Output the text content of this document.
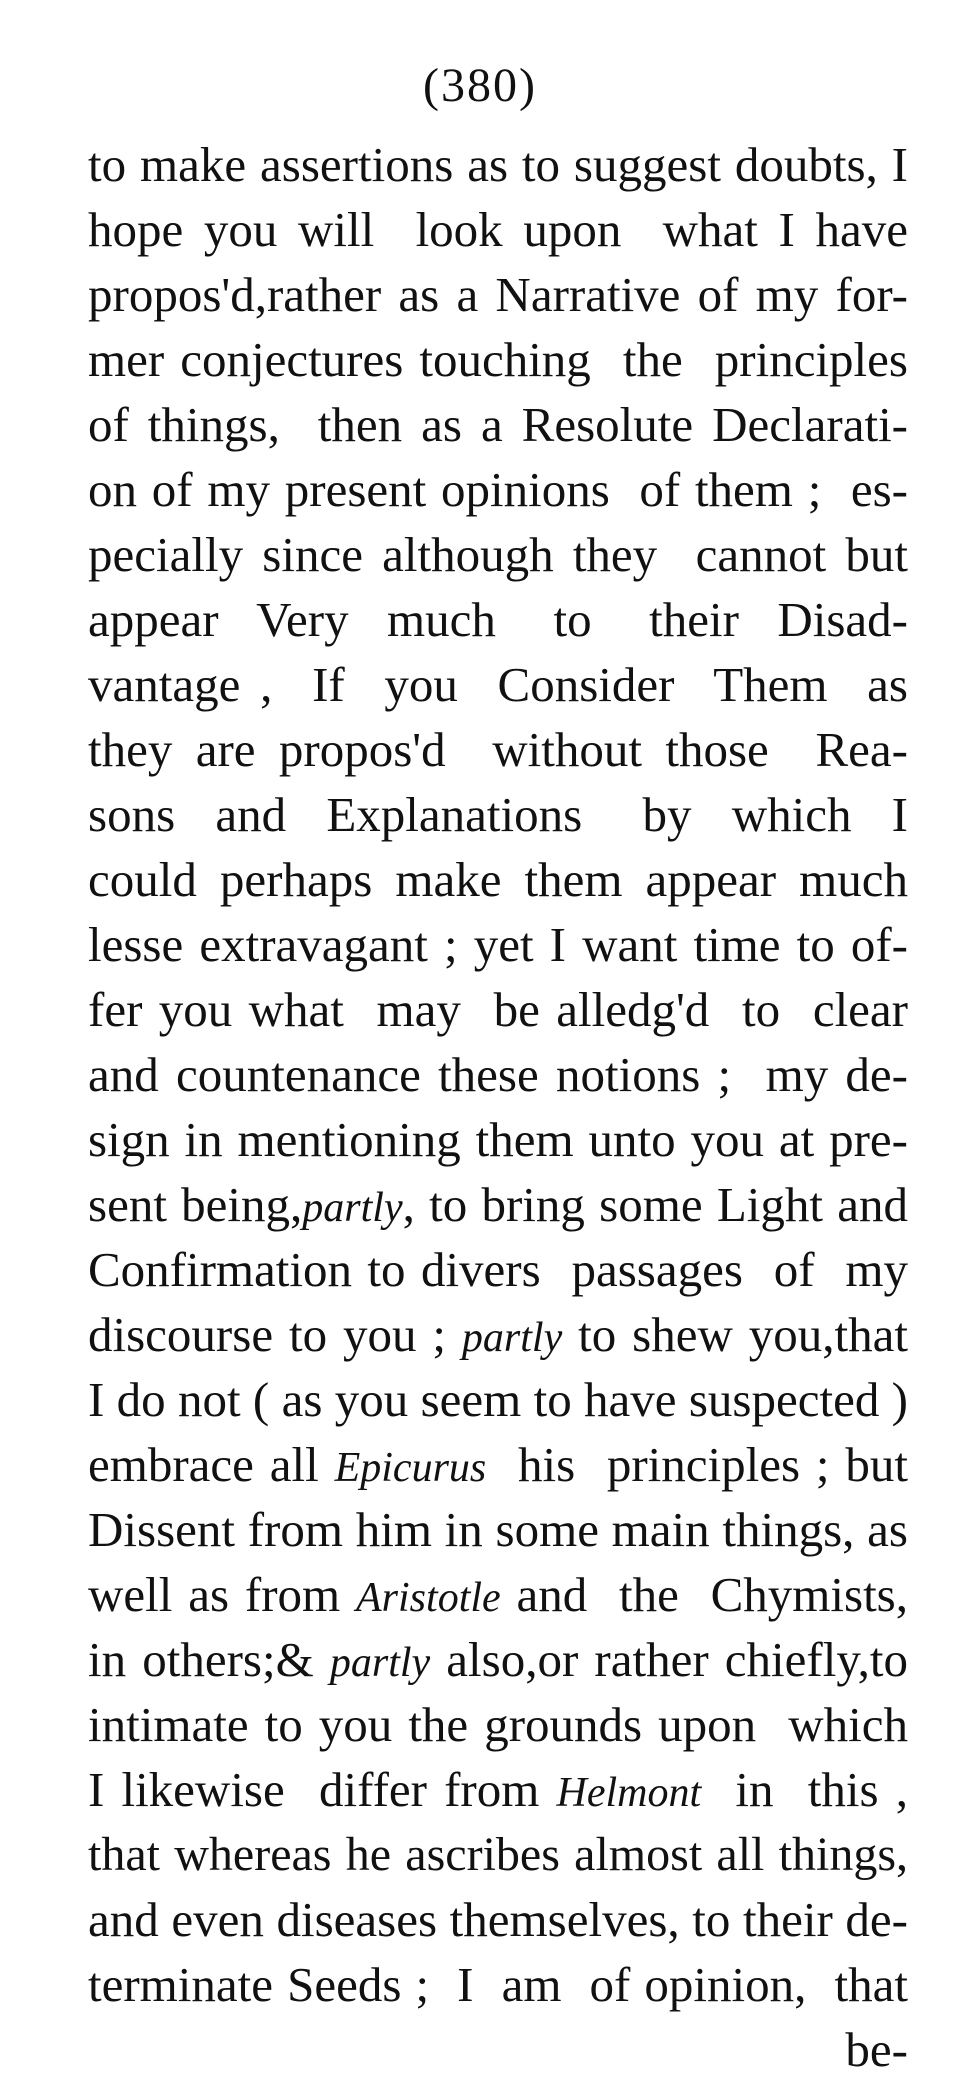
(380)
to make assertions as to suggest doubts, I
hope you will  look upon  what I have
propos'd,rather as a Narrative of my for-
mer conjectures touching  the  principles
of things,  then as a Resolute Declarati-
on of my present opinions  of them ;  es-
pecially since although they  cannot but
appear  Very  much   to   their  Disad-
vantage ,  If  you  Consider  Them  as
they are propos'd  without those  Rea-
sons  and  Explanations   by  which  I
could perhaps make them appear much
lesse extravagant ; yet I want time to of-
fer you what  may  be alledg'd  to  clear
and countenance these notions ;  my de-
sign in mentioning them unto you at pre-
sent being,partly, to bring some Light and
Confirmation to divers  passages  of  my
discourse to you ; partly to shew you,that
I do not ( as you seem to have suspected )
embrace all Epicurus  his  principles ; but
Dissent from him in some main things, as
well as from Aristotle and  the  Chymists,
in others;& partly also,or rather chiefly,to
intimate to you the grounds upon  which
I likewise  differ from Helmont  in  this ,
that whereas he ascribes almost all things,
and even diseases themselves, to their de-
terminate Seeds ;  I  am  of opinion,  that
be-
